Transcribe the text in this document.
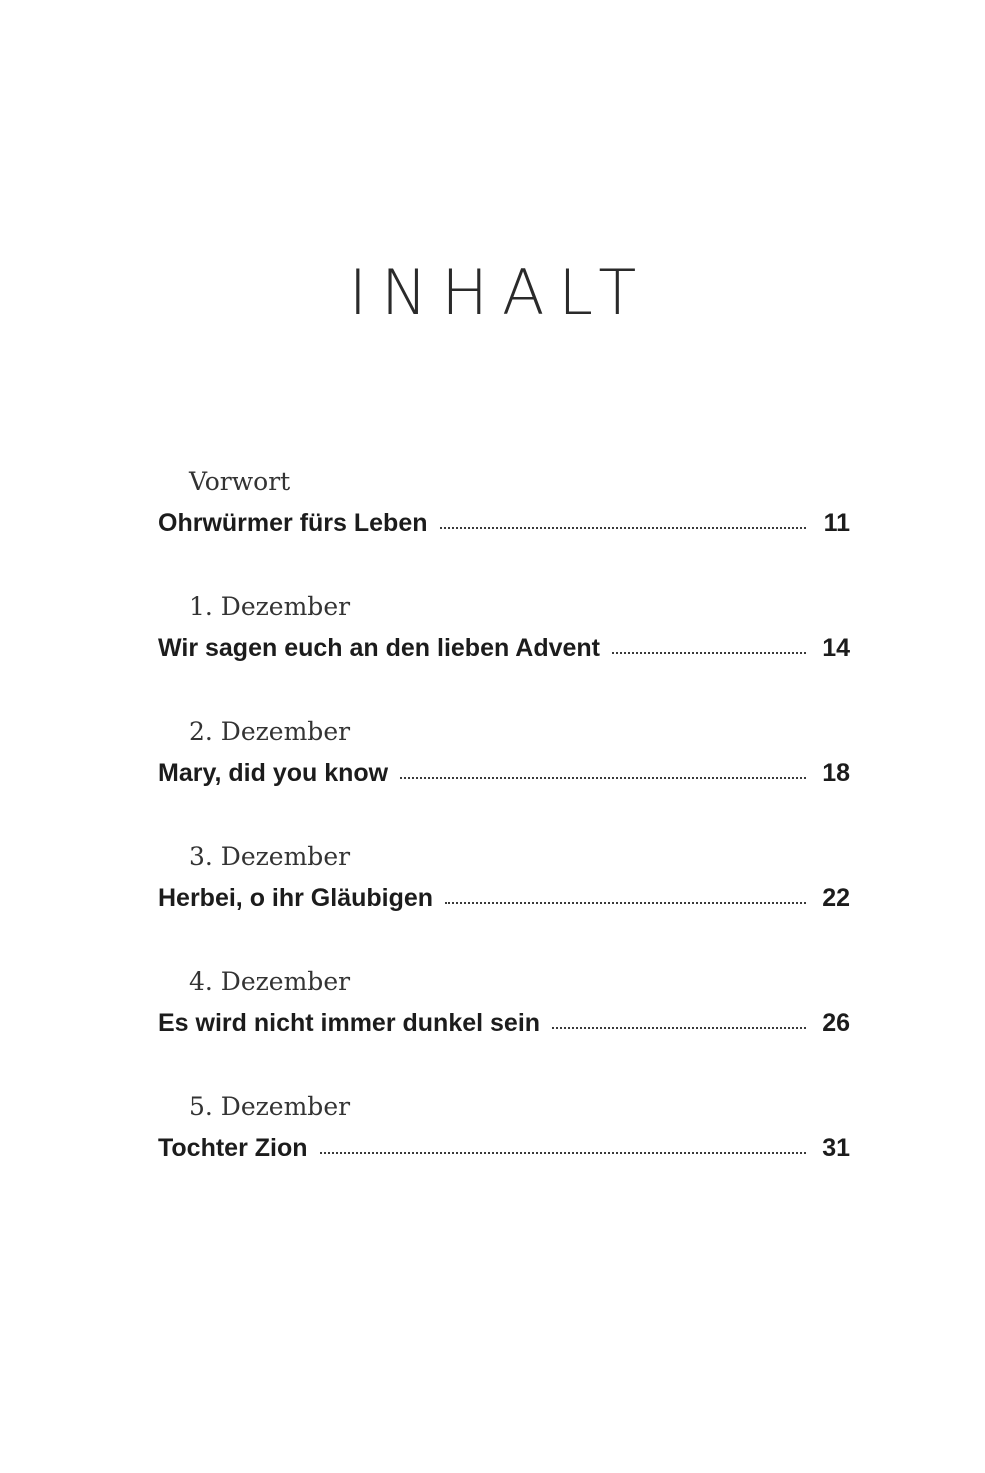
INHALT
Vorwort
Ohrwürmer fürs Leben	11
1. Dezember
Wir sagen euch an den lieben Advent	14
2. Dezember
Mary, did you know	18
3. Dezember
Herbei, o ihr Gläubigen	22
4. Dezember
Es wird nicht immer dunkel sein	26
5. Dezember
Tochter Zion	31
